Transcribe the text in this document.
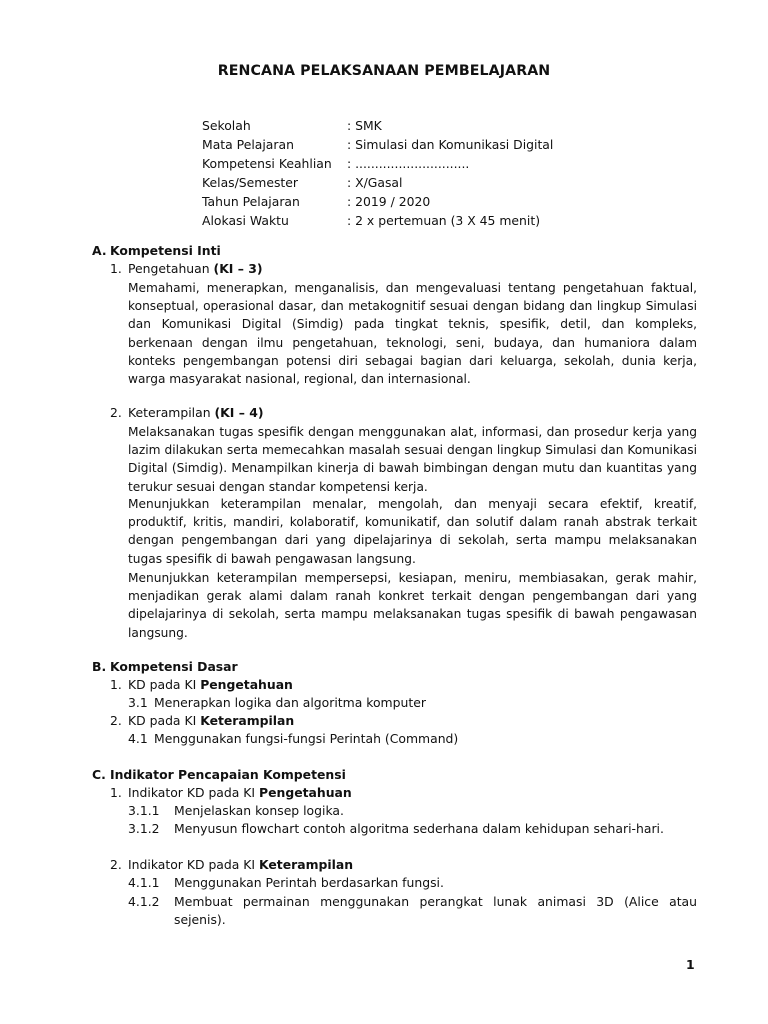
RENCANA PELAKSANAAN PEMBELAJARAN
Sekolah	: SMK
Mata Pelajaran	: Simulasi dan Komunikasi Digital
Kompetensi Keahlian	: .............................
Kelas/Semester	: X/Gasal
Tahun Pelajaran	: 2019 / 2020
Alokasi Waktu	: 2 x pertemuan (3 X 45 menit)
A. Kompetensi Inti
1. Pengetahuan (KI – 3)
Memahami, menerapkan, menganalisis, dan mengevaluasi tentang pengetahuan faktual, konseptual, operasional dasar, dan metakognitif sesuai dengan bidang dan lingkup Simulasi dan Komunikasi Digital (Simdig) pada tingkat teknis, spesifik, detil, dan kompleks, berkenaan dengan ilmu pengetahuan, teknologi, seni, budaya, dan humaniora dalam konteks pengembangan potensi diri sebagai bagian dari keluarga, sekolah, dunia kerja, warga masyarakat nasional, regional, dan internasional.
2. Keterampilan (KI – 4)
Melaksanakan tugas spesifik dengan menggunakan alat, informasi, dan prosedur kerja yang lazim dilakukan serta memecahkan masalah sesuai dengan lingkup Simulasi dan Komunikasi Digital (Simdig). Menampilkan kinerja di bawah bimbingan dengan mutu dan kuantitas yang terukur sesuai dengan standar kompetensi kerja.
Menunjukkan keterampilan menalar, mengolah, dan menyaji secara efektif, kreatif, produktif, kritis, mandiri, kolaboratif, komunikatif, dan solutif dalam ranah abstrak terkait dengan pengembangan dari yang dipelajarinya di sekolah, serta mampu melaksanakan tugas spesifik di bawah pengawasan langsung.
Menunjukkan keterampilan mempersepsi, kesiapan, meniru, membiasakan, gerak mahir, menjadikan gerak alami dalam ranah konkret terkait dengan pengembangan dari yang dipelajarinya di sekolah, serta mampu melaksanakan tugas spesifik di bawah pengawasan langsung.
B. Kompetensi Dasar
1. KD pada KI Pengetahuan
3.1 Menerapkan logika dan algoritma komputer
2. KD pada KI Keterampilan
4.1 Menggunakan fungsi-fungsi Perintah (Command)
C. Indikator Pencapaian Kompetensi
1. Indikator KD pada KI Pengetahuan
3.1.1 Menjelaskan konsep logika.
3.1.2 Menyusun flowchart contoh algoritma sederhana dalam kehidupan sehari-hari.
2. Indikator KD pada KI Keterampilan
4.1.1 Menggunakan Perintah berdasarkan fungsi.
4.1.2 Membuat permainan menggunakan perangkat lunak animasi 3D (Alice atau sejenis).
1
